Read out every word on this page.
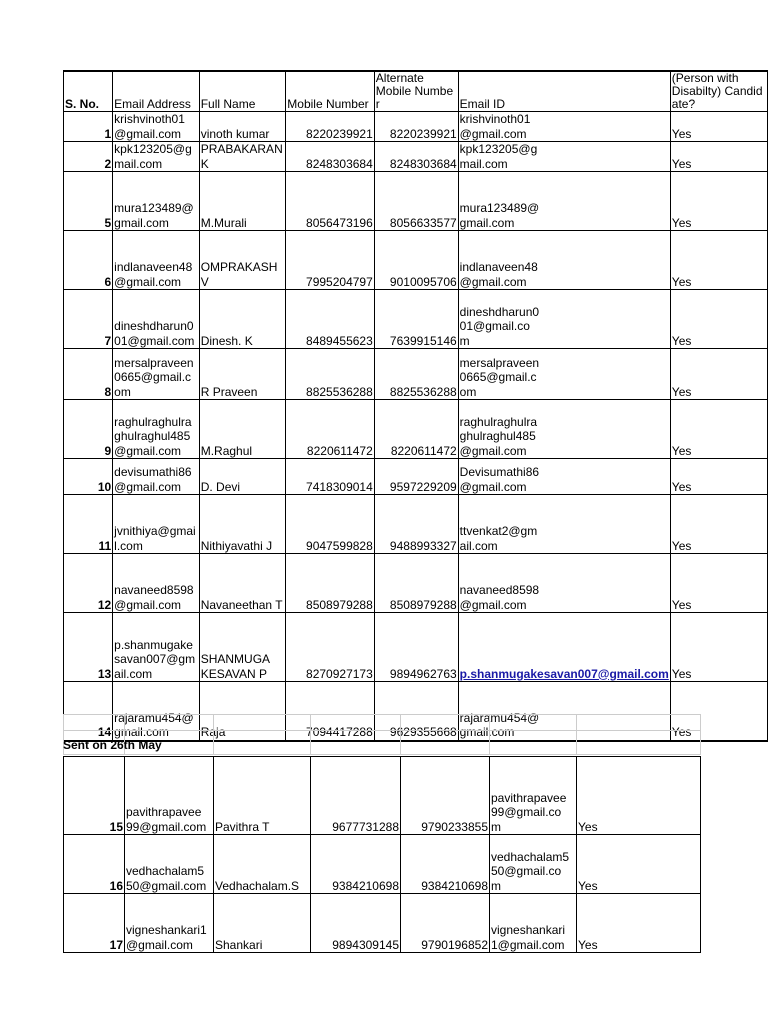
S. No.	Email Address	Full Name	Mobile Number	Alternate
Mobile Number	Email ID	(Person with
Disabilty) Candidate?
1	krishvinoth01
@gmail.com	vinoth kumar	8220239921	8220239921	krishvinoth01
@gmail.com	Yes
2	kpk123205@g
mail.com	PRABAKARAN
K	8248303684	8248303684	kpk123205@g
mail.com	Yes
5	mura123489@
gmail.com	M.Murali	8056473196	8056633577	mura123489@
gmail.com	Yes
6	indlanaveen48
@gmail.com	OMPRAKASH V	7995204797	9010095706	indlanaveen48
@gmail.com	Yes
7	dineshdharun0
01@gmail.com	Dinesh. K	8489455623	7639915146	dineshdharun0
01@gmail.co
m	Yes
8	mersalpraveen
0665@gmail.c
om	R Praveen	8825536288	8825536288	mersalpraveen
0665@gmail.c
om	Yes
9	raghulraghulra
ghulraghul485
@gmail.com	M.Raghul	8220611472	8220611472	raghulraghulra
ghulraghul485
@gmail.com	Yes
10	devisumathi86
@gmail.com	D. Devi	7418309014	9597229209	Devisumathi86
@gmail.com	Yes
11	jvnithiya@gmai
l.com	Nithiyavathi J	9047599828	9488993327	ttvenkat2@gm
ail.com	Yes
12	navaneed8598
@gmail.com	Navaneethan T	8508979288	8508979288	navaneed8598
@gmail.com	Yes
13	p.shanmugake
savan007@gm
ail.com	SHANMUGA
KESAVAN P	8270927173	9894962763	p.shanmugakesavan007@gmail.com	Yes
14	rajaramu454@
gmail.com	Raja	7094417288	9629355668	rajaramu454@
gmail.com	Yes

Sent on 26th May
15	pavithrapavee
99@gmail.com	Pavithra T	9677731288	9790233855	pavithrapavee
99@gmail.co
m	Yes
16	vedhachalam5
50@gmail.com	Vedhachalam.S	9384210698	9384210698	vedhachalam5
50@gmail.co
m	Yes
17	vigneshankari1
@gmail.com	Shankari	9894309145	9790196852	vigneshankari
1@gmail.com	Yes
